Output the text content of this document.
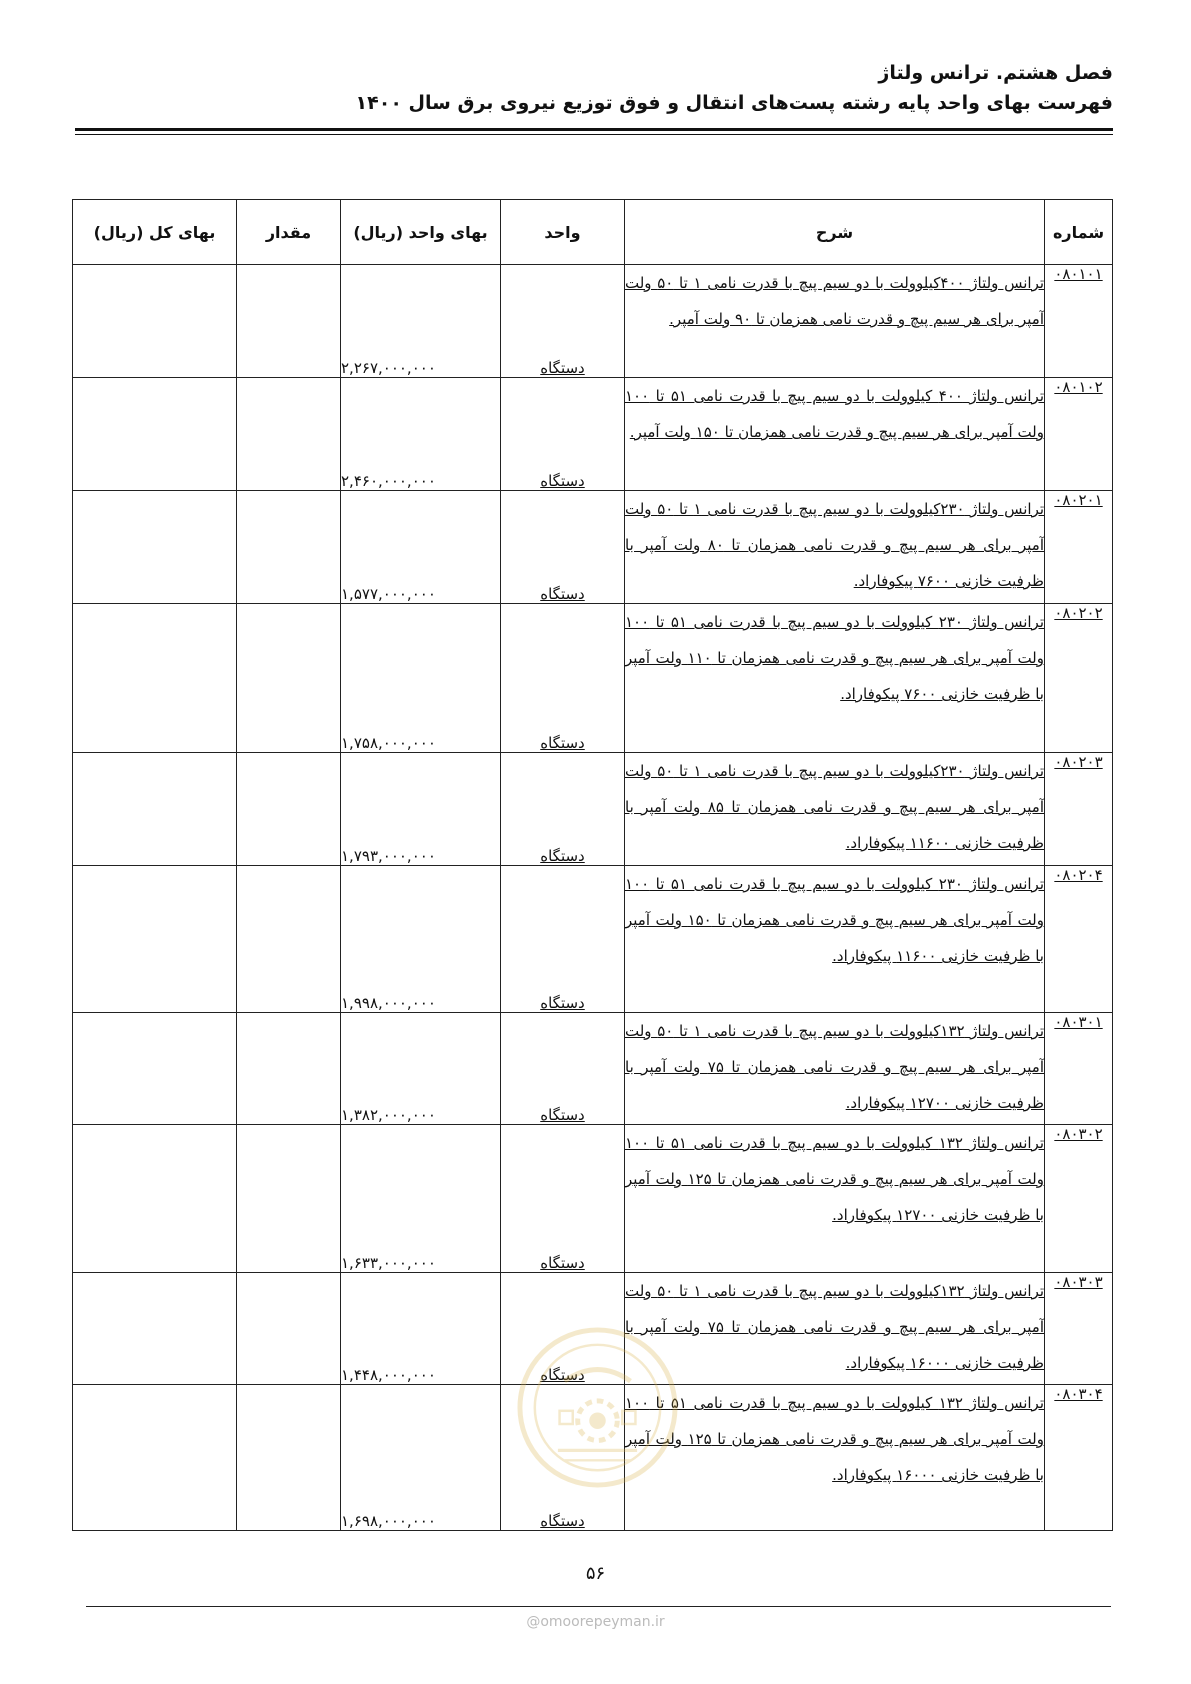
فصل هشتم. ترانس ولتاژ

فهرست بهای واحد پایه رشته پست‌های انتقال و فوق توزیع نیروی برق سال ۱۴۰۰

شماره	شرح	واحد	بهای واحد (ریال)	مقدار	بهای کل (ریال)
۰۸۰۱۰۱	ترانس ولتاژ ۴۰۰کیلوولت با دو سیم پیچ با قدرت نامی ۱ تا ۵۰ ولت آمپر برای هر سیم پیچ و قدرت نامی همزمان تا ۹۰ ولت آمپر.	دستگاه	۲,۲۶۷,۰۰۰,۰۰۰		
۰۸۰۱۰۲	ترانس ولتاژ ۴۰۰ کیلوولت با دو سیم پیچ با قدرت نامی ۵۱ تا ۱۰۰ ولت آمپر برای هر سیم پیچ و قدرت نامی همزمان تا ۱۵۰ ولت آمپر.	دستگاه	۲,۴۶۰,۰۰۰,۰۰۰		
۰۸۰۲۰۱	ترانس ولتاژ ۲۳۰کیلوولت با دو سیم پیچ با قدرت نامی ۱ تا ۵۰ ولت آمپر برای هر سیم پیچ و قدرت نامی همزمان تا ۸۰ ولت آمپر با ظرفیت خازنی ۷۶۰۰ پیکوفاراد.	دستگاه	۱,۵۷۷,۰۰۰,۰۰۰		
۰۸۰۲۰۲	ترانس ولتاژ ۲۳۰ کیلوولت با دو سیم پیچ با قدرت نامی ۵۱ تا ۱۰۰ ولت آمپر برای هر سیم پیچ و قدرت نامی همزمان تا ۱۱۰ ولت آمپر با ظرفیت خازنی ۷۶۰۰ پیکوفاراد.	دستگاه	۱,۷۵۸,۰۰۰,۰۰۰		
۰۸۰۲۰۳	ترانس ولتاژ ۲۳۰کیلوولت با دو سیم پیچ با قدرت نامی ۱ تا ۵۰ ولت آمپر برای هر سیم پیچ و قدرت نامی همزمان تا ۸۵ ولت آمپر با ظرفیت خازنی ۱۱۶۰۰ پیکوفاراد.	دستگاه	۱,۷۹۳,۰۰۰,۰۰۰		
۰۸۰۲۰۴	ترانس ولتاژ ۲۳۰ کیلوولت با دو سیم پیچ با قدرت نامی ۵۱ تا ۱۰۰ ولت آمپر برای هر سیم پیچ و قدرت نامی همزمان تا ۱۵۰ ولت آمپر با ظرفیت خازنی ۱۱۶۰۰ پیکوفاراد.	دستگاه	۱,۹۹۸,۰۰۰,۰۰۰		
۰۸۰۳۰۱	ترانس ولتاژ ۱۳۲کیلوولت با دو سیم پیچ با قدرت نامی ۱ تا ۵۰ ولت آمپر برای هر سیم پیچ و قدرت نامی همزمان تا ۷۵ ولت آمپر با ظرفیت خازنی ۱۲۷۰۰ پیکوفاراد.	دستگاه	۱,۳۸۲,۰۰۰,۰۰۰		
۰۸۰۳۰۲	ترانس ولتاژ ۱۳۲ کیلوولت با دو سیم پیچ با قدرت نامی ۵۱ تا ۱۰۰ ولت آمپر برای هر سیم پیچ و قدرت نامی همزمان تا ۱۲۵ ولت آمپر با ظرفیت خازنی ۱۲۷۰۰ پیکوفاراد.	دستگاه	۱,۶۳۳,۰۰۰,۰۰۰		
۰۸۰۳۰۳	ترانس ولتاژ ۱۳۲کیلوولت با دو سیم پیچ با قدرت نامی ۱ تا ۵۰ ولت آمپر برای هر سیم پیچ و قدرت نامی همزمان تا ۷۵ ولت آمپر با ظرفیت خازنی ۱۶۰۰۰ پیکوفاراد.	دستگاه	۱,۴۴۸,۰۰۰,۰۰۰		
۰۸۰۳۰۴	ترانس ولتاژ ۱۳۲ کیلوولت با دو سیم پیچ با قدرت نامی ۵۱ تا ۱۰۰ ولت آمپر برای هر سیم پیچ و قدرت نامی همزمان تا ۱۲۵ ولت آمپر با ظرفیت خازنی ۱۶۰۰۰ پیکوفاراد.	دستگاه	۱,۶۹۸,۰۰۰,۰۰۰		
۵۶
@omoorepeyman.ir
